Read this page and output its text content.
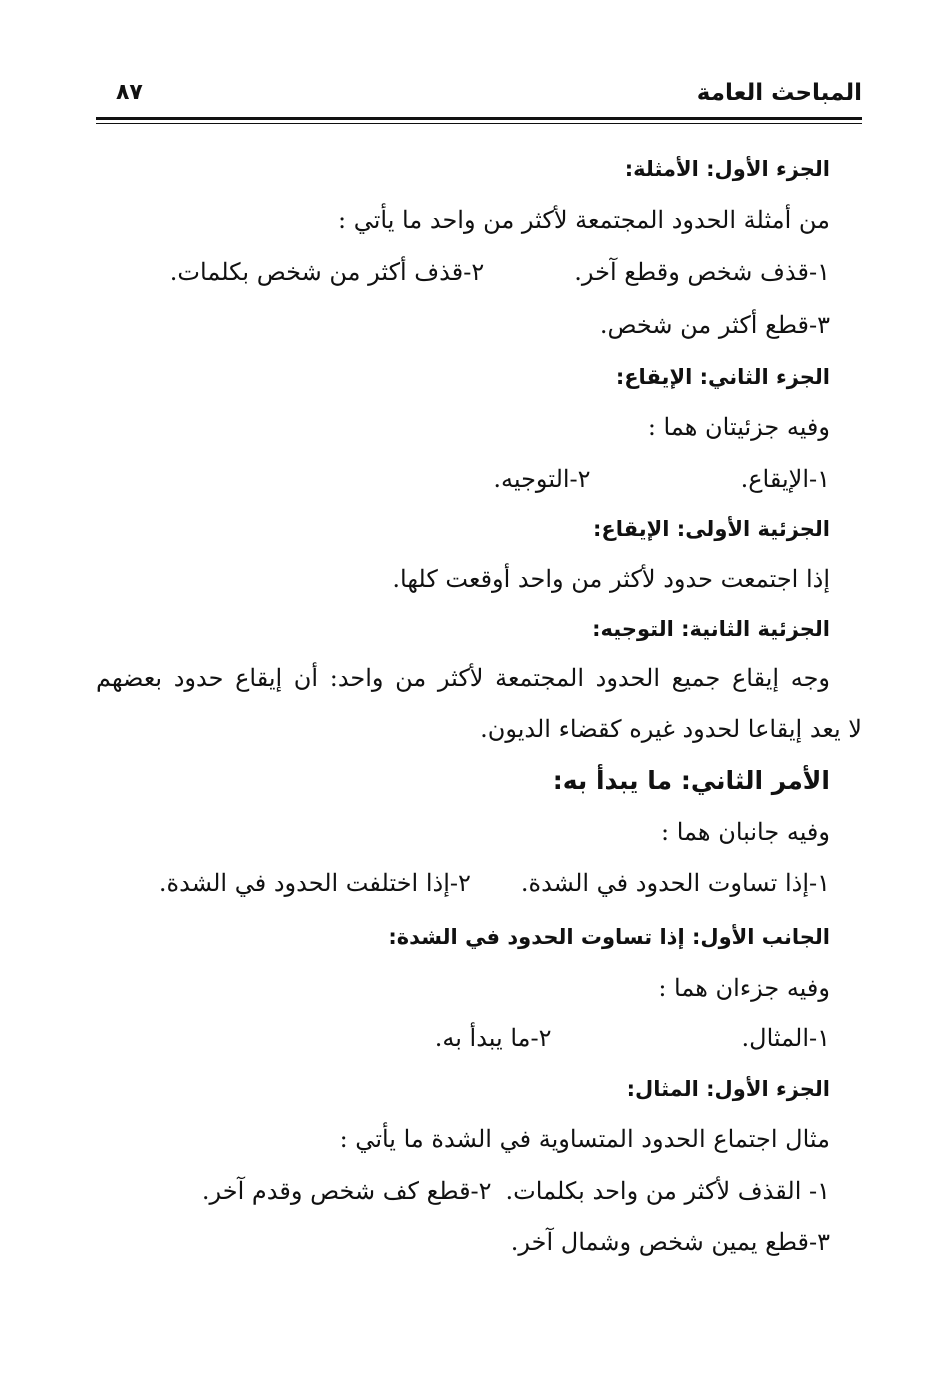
المباحث العامة
٨٧
الجزء الأول: الأمثلة:
من أمثلة الحدود المجتمعة لأكثر من واحد ما يأتي :
١-قذف شخص وقطع آخر.٢-قذف أكثر من شخص بكلمات.
٣-قطع أكثر من شخص.
الجزء الثاني: الإيقاع:
وفيه جزئيتان هما :
١-الإيقاع.٢-التوجيه.
الجزئية الأولى: الإيقاع:
إذا اجتمعت حدود لأكثر من واحد أوقعت كلها.
الجزئية الثانية: التوجيه:
وجه إيقاع جميع الحدود المجتمعة لأكثر من واحد: أن إيقاع حدود بعضهم
لا يعد إيقاعا لحدود غيره كقضاء الديون.
الأمر الثاني: ما يبدأ به:
وفيه جانبان هما :
١-إذا تساوت الحدود في الشدة.٢-إذا اختلفت الحدود في الشدة.
الجانب الأول: إذا تساوت الحدود في الشدة:
وفيه جزءان هما :
١-المثال.٢-ما يبدأ به.
الجزء الأول: المثال:
مثال اجتماع الحدود المتساوية في الشدة ما يأتي :
١- القذف لأكثر من واحد بكلمات.٢-قطع كف شخص وقدم آخر.
٣-قطع يمين شخص وشمال آخر.
